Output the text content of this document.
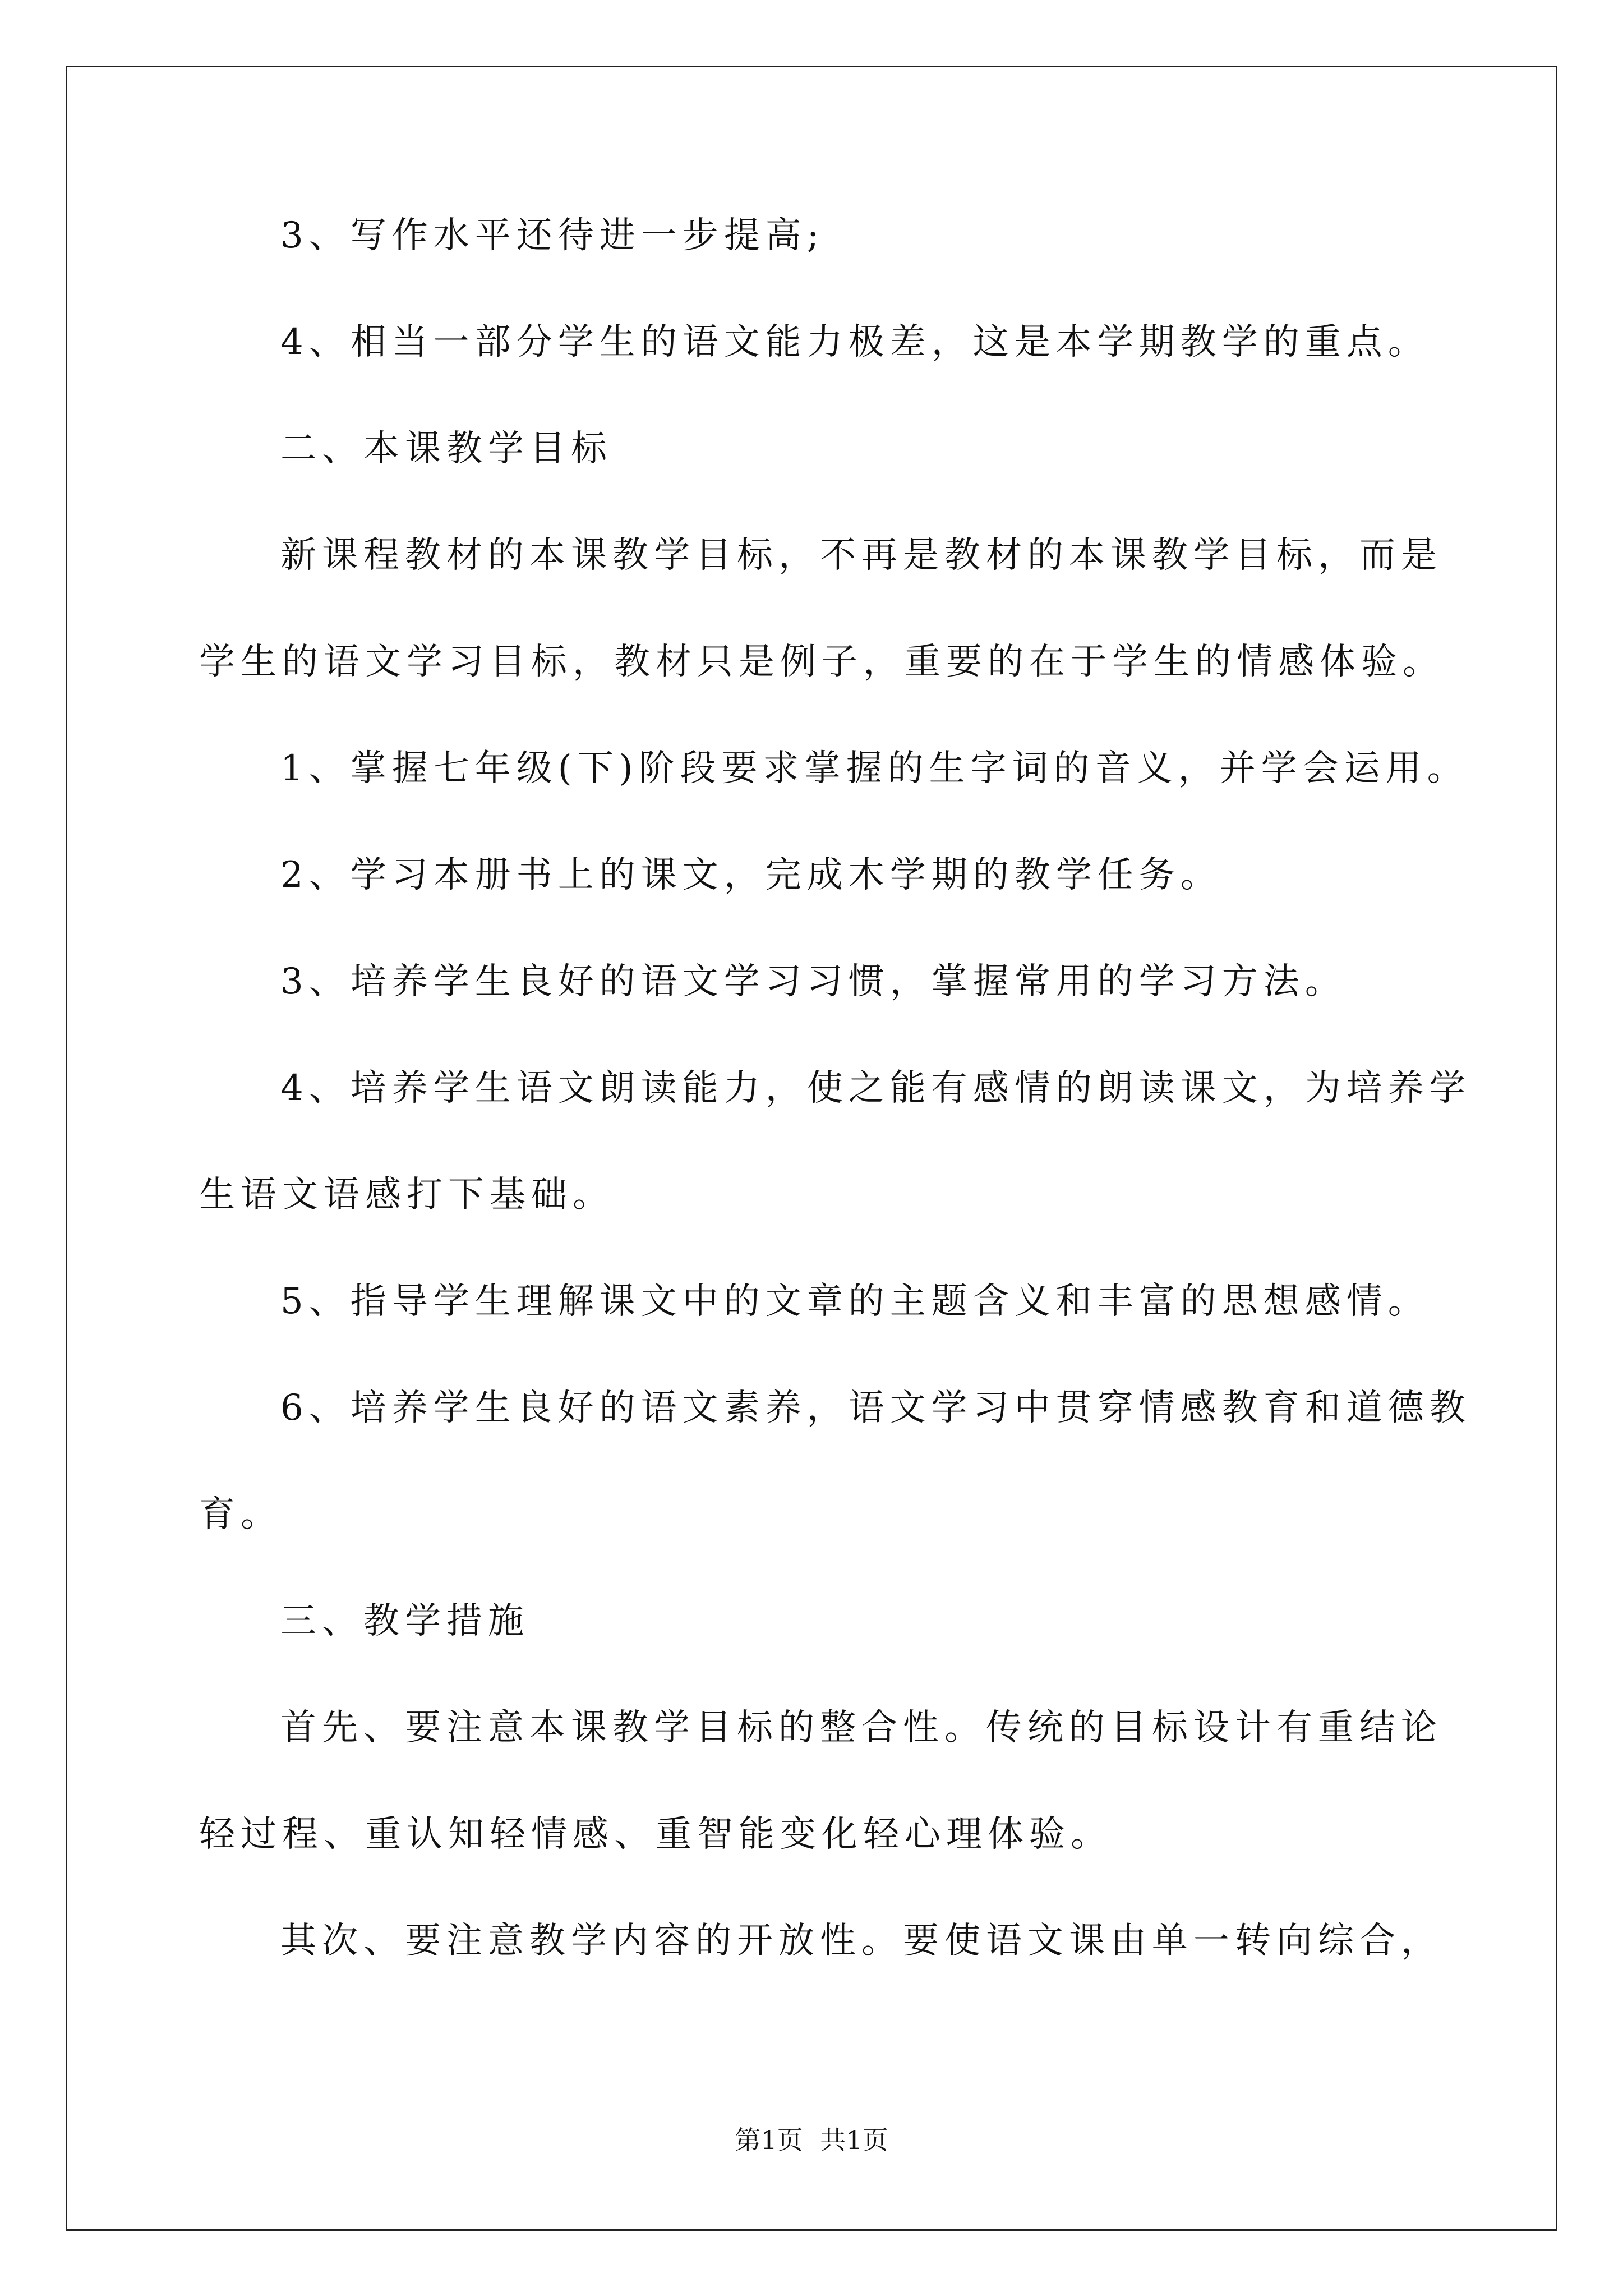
3、写作水平还待进一步提高;
4、相当一部分学生的语文能力极差，这是本学期教学的重点。
二、本课教学目标
新课程教材的本课教学目标，不再是教材的本课教学目标，而是
学生的语文学习目标，教材只是例子，重要的在于学生的情感体验。
1、掌握七年级(下)阶段要求掌握的生字词的音义，并学会运用。
2、学习本册书上的课文，完成木学期的教学任务。
3、培养学生良好的语文学习习惯，掌握常用的学习方法。
4、培养学生语文朗读能力，使之能有感情的朗读课文，为培养学
生语文语感打下基础。
5、指导学生理解课文中的文章的主题含义和丰富的思想感情。
6、培养学生良好的语文素养，语文学习中贯穿情感教育和道德教
育。
三、教学措施
首先、要注意本课教学目标的整合性。传统的目标设计有重结论
轻过程、重认知轻情感、重智能变化轻心理体验。
其次、要注意教学内容的开放性。要使语文课由单一转向综合，
第1页 共1页
